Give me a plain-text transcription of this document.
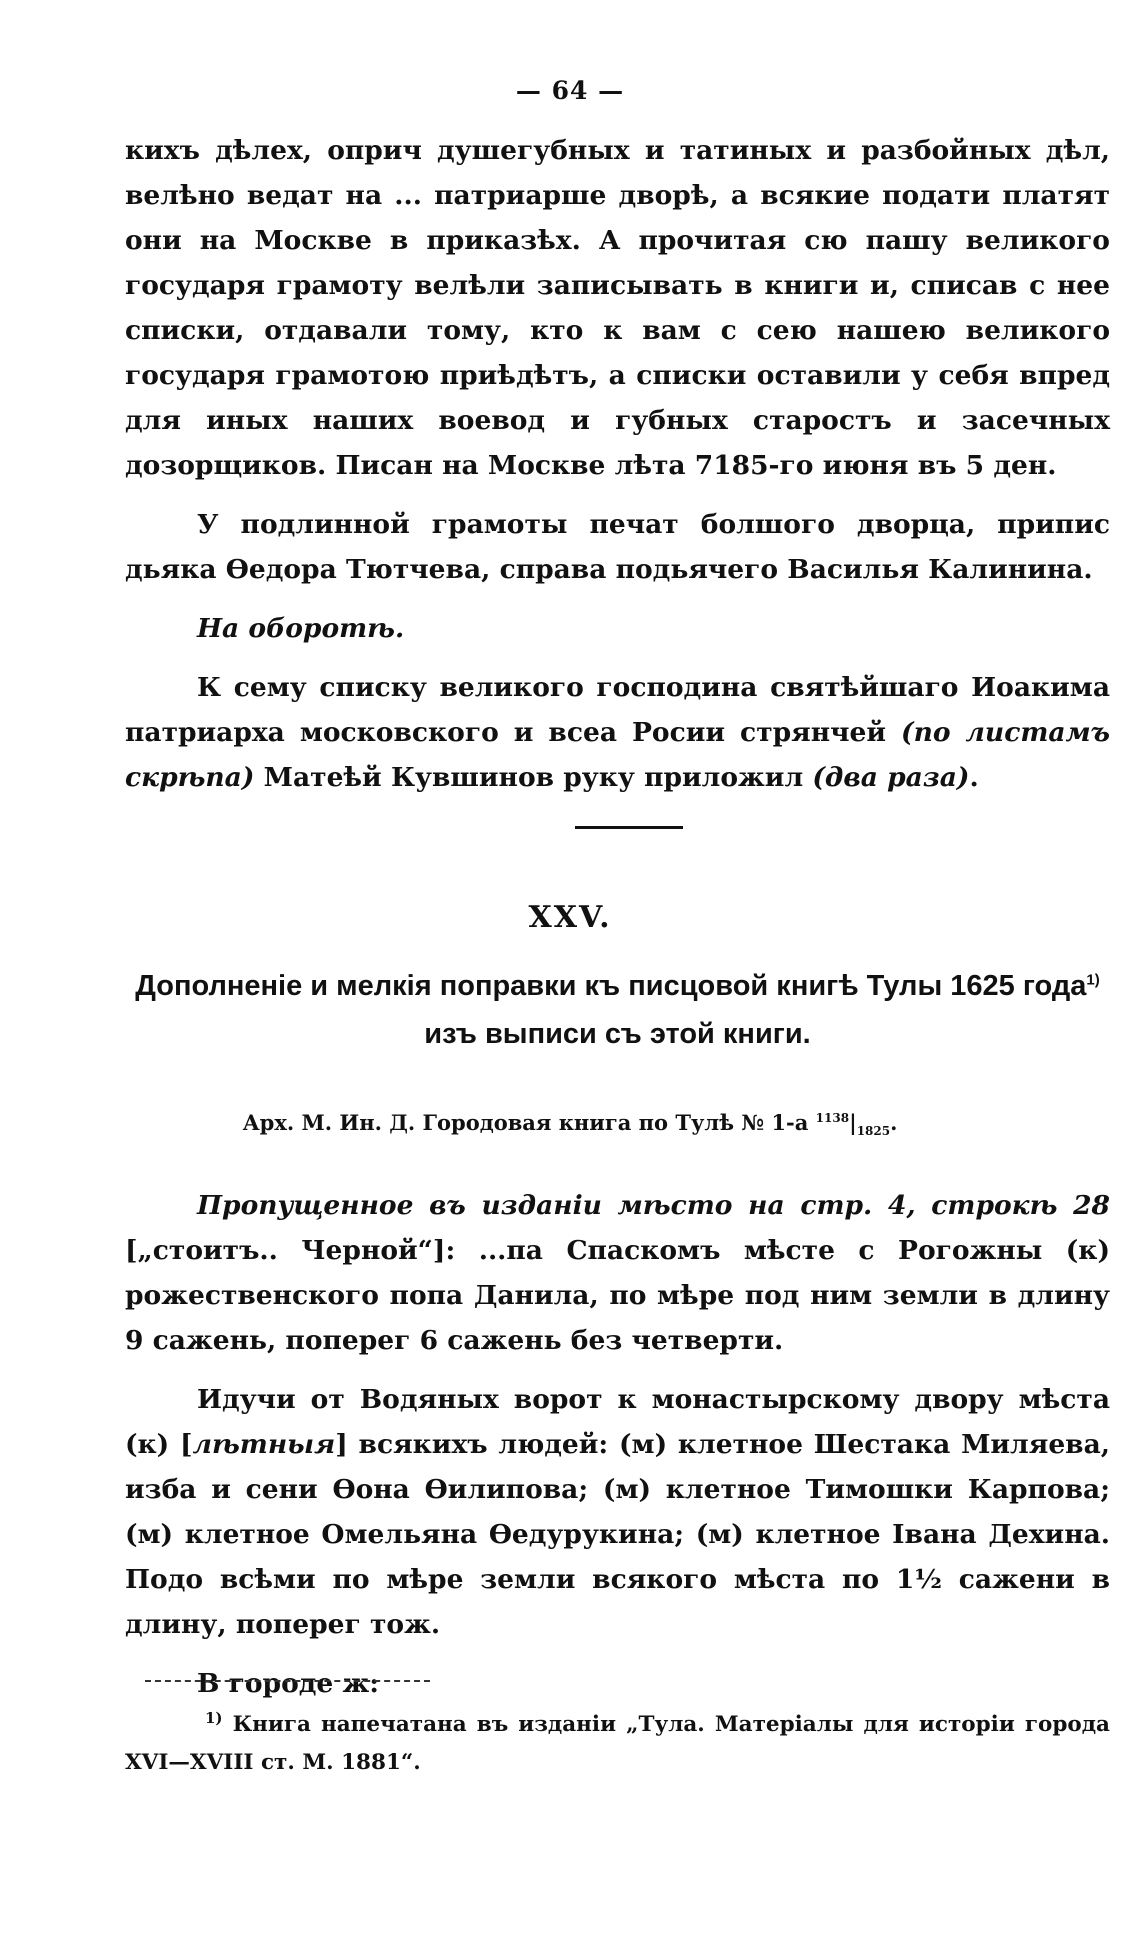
— 64 —

кихъ дѣлех, оприч душегубных и татиных и разбойных дѣл, велѣно ведат на ... патриарше дворѣ, а всякие подати платят они на Москве в приказѣх. А прочитая сю пашу великого государя грамоту велѣли записывать в книги и, списав с нее списки, отдавали тому, кто к вам с сею нашею великого государя грамотою приѣдѣтъ, а списки оставили у себя впред для иных наших воевод и губных старостъ и засечных дозорщиков. Писан на Москве лѣта 7185-го июня въ 5 ден.

У подлинной грамоты печат болшого дворца, припис дьяка Өедора Тютчева, справа подьячего Василья Калинина.

На оборотѣ.

К сему списку великого господина святѣйшаго Иоакима патриарха московского и всеа Росии стрянчей (по листамъ скрѣпа) Матеѣй Кувшинов руку приложил (два раза).

XXV.
Дополненіе и мелкія поправки къ писцовой книгѣ Тулы 1625 года$^{1)}$
изъ выписи съ этой книги.
Арх. М. Ин. Д. Городовая книга по Тулѣ № 1-а $^{1138}|_{1825}$.

Пропущенное въ изданіи мѣсто на стр. 4, строкѣ 28 [„стоитъ.. Черной“]: ...па Спаскомъ мѣсте с Рогожны (к) рожественского попа Данила, по мѣре под ним земли в длину 9 сажень, поперег 6 сажень без четверти.

Идучи от Водяных ворот к монастырскому двору мѣста (к) [лѣтныя] всякихъ людей: (м) клетное Шестака Миляева, изба и сени Өона Өилипова; (м) клетное Тимошки Карпова; (м) клетное Омельяна Өедурукина; (м) клетное Івана Дехина. Подо всѣми по мѣре земли всякого мѣста по 1½ сажени в длину, поперег тож.

В городе ж:

$^{1)}$ Книга напечатана въ изданіи „Тула. Матеріалы для исторіи города XVI—XVIII ст. М. 1881“.
